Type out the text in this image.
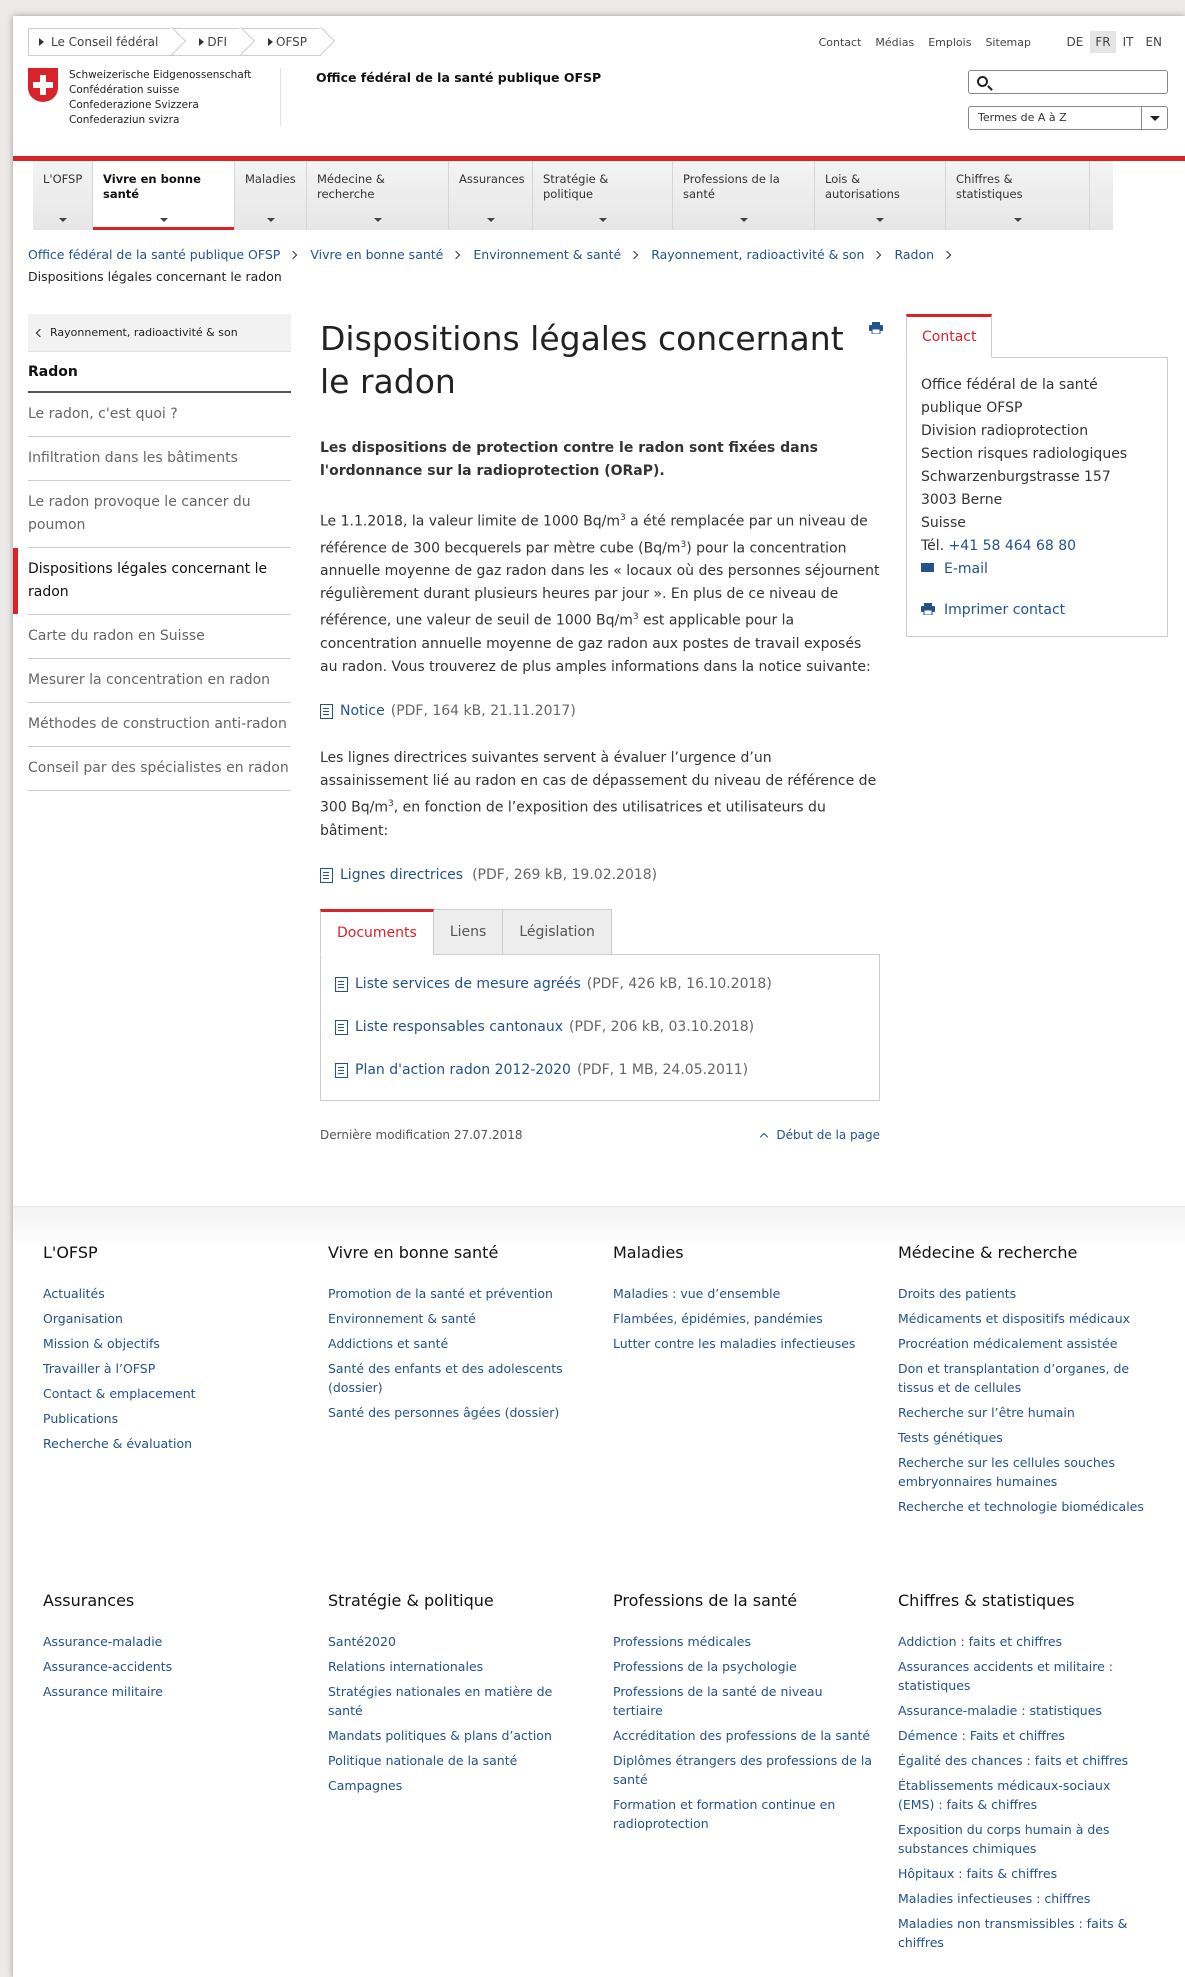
Le Conseil fédéral	DFI	OFSP	Contact Médias Emplois Sitemap	DE	FR	IT	EN
Schweizerische Eidgenossenschaft
Confédération suisse
Confederazione Svizzera
Confederaziun svizra
Office fédéral de la santé publique OFSP
Termes de A à Z
L'OFSP	Vivre en bonne santé
Maladies	Médecine & recherche
Assurances	Stratégie & politique
Professions de la santé
Lois & autorisations
Chiffres & statistiques
Office fédéral de la santé publique OFSP Vivre en bonne santé Environnement & santé Rayonnement, radioactivité & son Radon
Dispositions légales concernant le radon
Rayonnement, radioactivité & son
Radon
Le radon, c'est quoi ?
Infiltration dans les bâtiments
Le radon provoque le cancer du poumon
Dispositions légales concernant le radon
Carte du radon en Suisse
Mesurer la concentration en radon
Méthodes de construction anti-radon
Conseil par des spécialistes en radon
Dispositions légales concernant le radon

Les dispositions de protection contre le radon sont fixées dans l'ordonnance sur la radioprotection (ORaP).

Le 1.1.2018, la valeur limite de 1000 $Bq/m^3$ a été remplacée par un niveau de référence de 300 becquerels par mètre cube $(Bq/m^3)$ pour la concentration annuelle moyenne de gaz radon dans les « locaux où des personnes séjournent régulièrement durant plusieurs heures par jour ». En plus de ce niveau de référence, une valeur de seuil de 1000 $Bq/m^3$ est applicable pour la concentration annuelle moyenne de gaz radon aux postes de travail exposés au radon. Vous trouverez de plus amples informations dans la notice suivante:

Notice (PDF, 164 kB, 21.11.2017)

Les lignes directrices suivantes servent à évaluer l’urgence d’un assainissement lié au radon en cas de dépassement du niveau de référence de 300 $Bq/m^3$, en fonction de l’exposition des utilisatrices et utilisateurs du bâtiment:

Lignes directrices (PDF, 269 kB, 19.02.2018)
Documents	Liens	Législation
Liste services de mesure agréés (PDF, 426 kB, 16.10.2018)
Liste responsables cantonaux (PDF, 206 kB, 03.10.2018)
Plan d'action radon 2012-2020 (PDF, 1 MB, 24.05.2011)
Dernière modification 27.07.2018	Début de la page
Contact
Office fédéral de la santé publique OFSP
Division radioprotection
Section risques radiologiques
Schwarzenburgstrasse 157
3003 Berne
Suisse
Tél. +41 58 464 68 80
E-mail
Imprimer contact
L'OFSP
Actualités
Organisation
Mission & objectifs
Travailler à l’OFSP
Contact & emplacement
Publications
Recherche & évaluation
Vivre en bonne santé
Promotion de la santé et prévention
Environnement & santé
Addictions et santé
Santé des enfants et des adolescents (dossier)
Santé des personnes âgées (dossier)
Maladies
Maladies : vue d’ensemble
Flambées, épidémies, pandémies
Lutter contre les maladies infectieuses
Médecine & recherche
Droits des patients
Médicaments et dispositifs médicaux
Procréation médicalement assistée
Don et transplantation d’organes, de tissus et de cellules
Recherche sur l’être humain
Tests génétiques
Recherche sur les cellules souches embryonnaires humaines
Recherche et technologie biomédicales
Assurances
Assurance-maladie
Assurance-accidents
Assurance militaire
Stratégie & politique
Santé2020
Relations internationales
Stratégies nationales en matière de santé
Mandats politiques & plans d’action
Politique nationale de la santé
Campagnes
Professions de la santé
Professions médicales
Professions de la psychologie
Professions de la santé de niveau tertiaire
Accréditation des professions de la santé
Diplômes étrangers des professions de la santé
Formation et formation continue en radioprotection
Chiffres & statistiques
Addiction : faits et chiffres
Assurances accidents et militaire : statistiques
Assurance-maladie : statistiques
Démence : Faits et chiffres
Égalité des chances : faits et chiffres
Établissements médicaux-sociaux (EMS) : faits & chiffres
Exposition du corps humain à des substances chimiques
Hôpitaux : faits & chiffres
Maladies infectieuses : chiffres
Maladies non transmissibles : faits & chiffres
